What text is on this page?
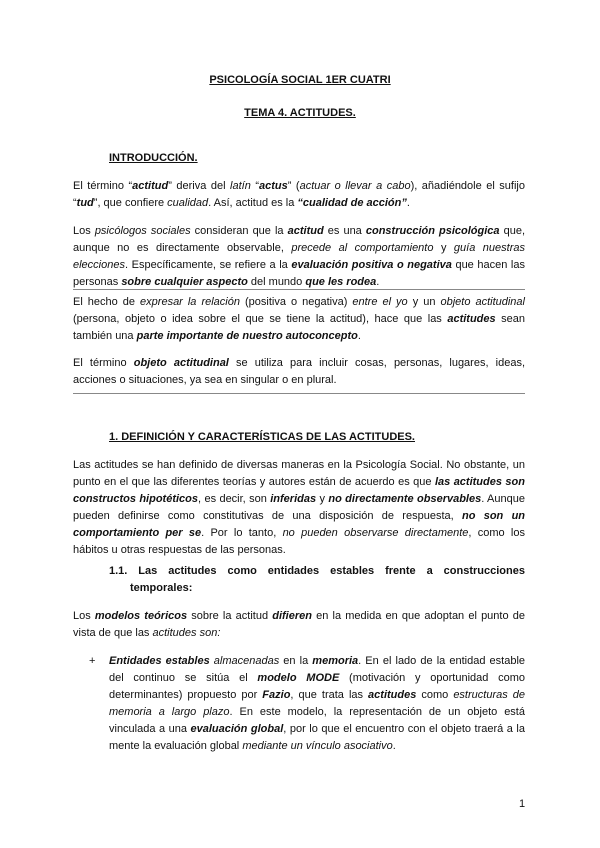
PSICOLOGÍA SOCIAL 1ER CUATRI
TEMA 4. ACTITUDES.
INTRODUCCIÓN.
El término “actitud” deriva del latín “actus” (actuar o llevar a cabo), añadiéndole el sufijo
“tud”, que confiere cualidad. Así, actitud es la “cualidad de acción”.
Los psicólogos sociales consideran que la actitud es una construcción psicológica que,
aunque no es directamente observable, precede al comportamiento y guía nuestras
elecciones. Específicamente, se refiere a la evaluación positiva o negativa que hacen las
personas sobre cualquier aspecto del mundo que les rodea.
El hecho de expresar la relación (positiva o negativa) entre el yo y un objeto actitudinal
(persona, objeto o idea sobre el que se tiene la actitud), hace que las actitudes sean
también una parte importante de nuestro autoconcepto.
El término objeto actitudinal se utiliza para incluir cosas, personas, lugares, ideas,
acciones o situaciones, ya sea en singular o en plural.
1. DEFINICIÓN Y CARACTERÍSTICAS DE LAS ACTITUDES.
Las actitudes se han definido de diversas maneras en la Psicología Social. No obstante, un
punto en el que las diferentes teorías y autores están de acuerdo es que las actitudes son
constructos hipotéticos, es decir, son inferidas y no directamente observables. Aunque
pueden definirse como constitutivas de una disposición de respuesta, no son un
comportamiento per se. Por lo tanto, no pueden observarse directamente, como los
hábitos u otras respuestas de las personas.
1.1. Las actitudes como entidades estables frente a construcciones
temporales:
Los modelos teóricos sobre la actitud difieren en la medida en que adoptan el punto de
vista de que las actitudes son:
+ Entidades estables almacenadas en la memoria. En el lado de la entidad estable
del continuo se sitúa el modelo MODE (motivación y oportunidad como
determinantes) propuesto por Fazio, que trata las actitudes como estructuras de
memoria a largo plazo. En este modelo, la representación de un objeto está
vinculada a una evaluación global, por lo que el encuentro con el objeto traerá a la
mente la evaluación global mediante un vínculo asociativo.
1
